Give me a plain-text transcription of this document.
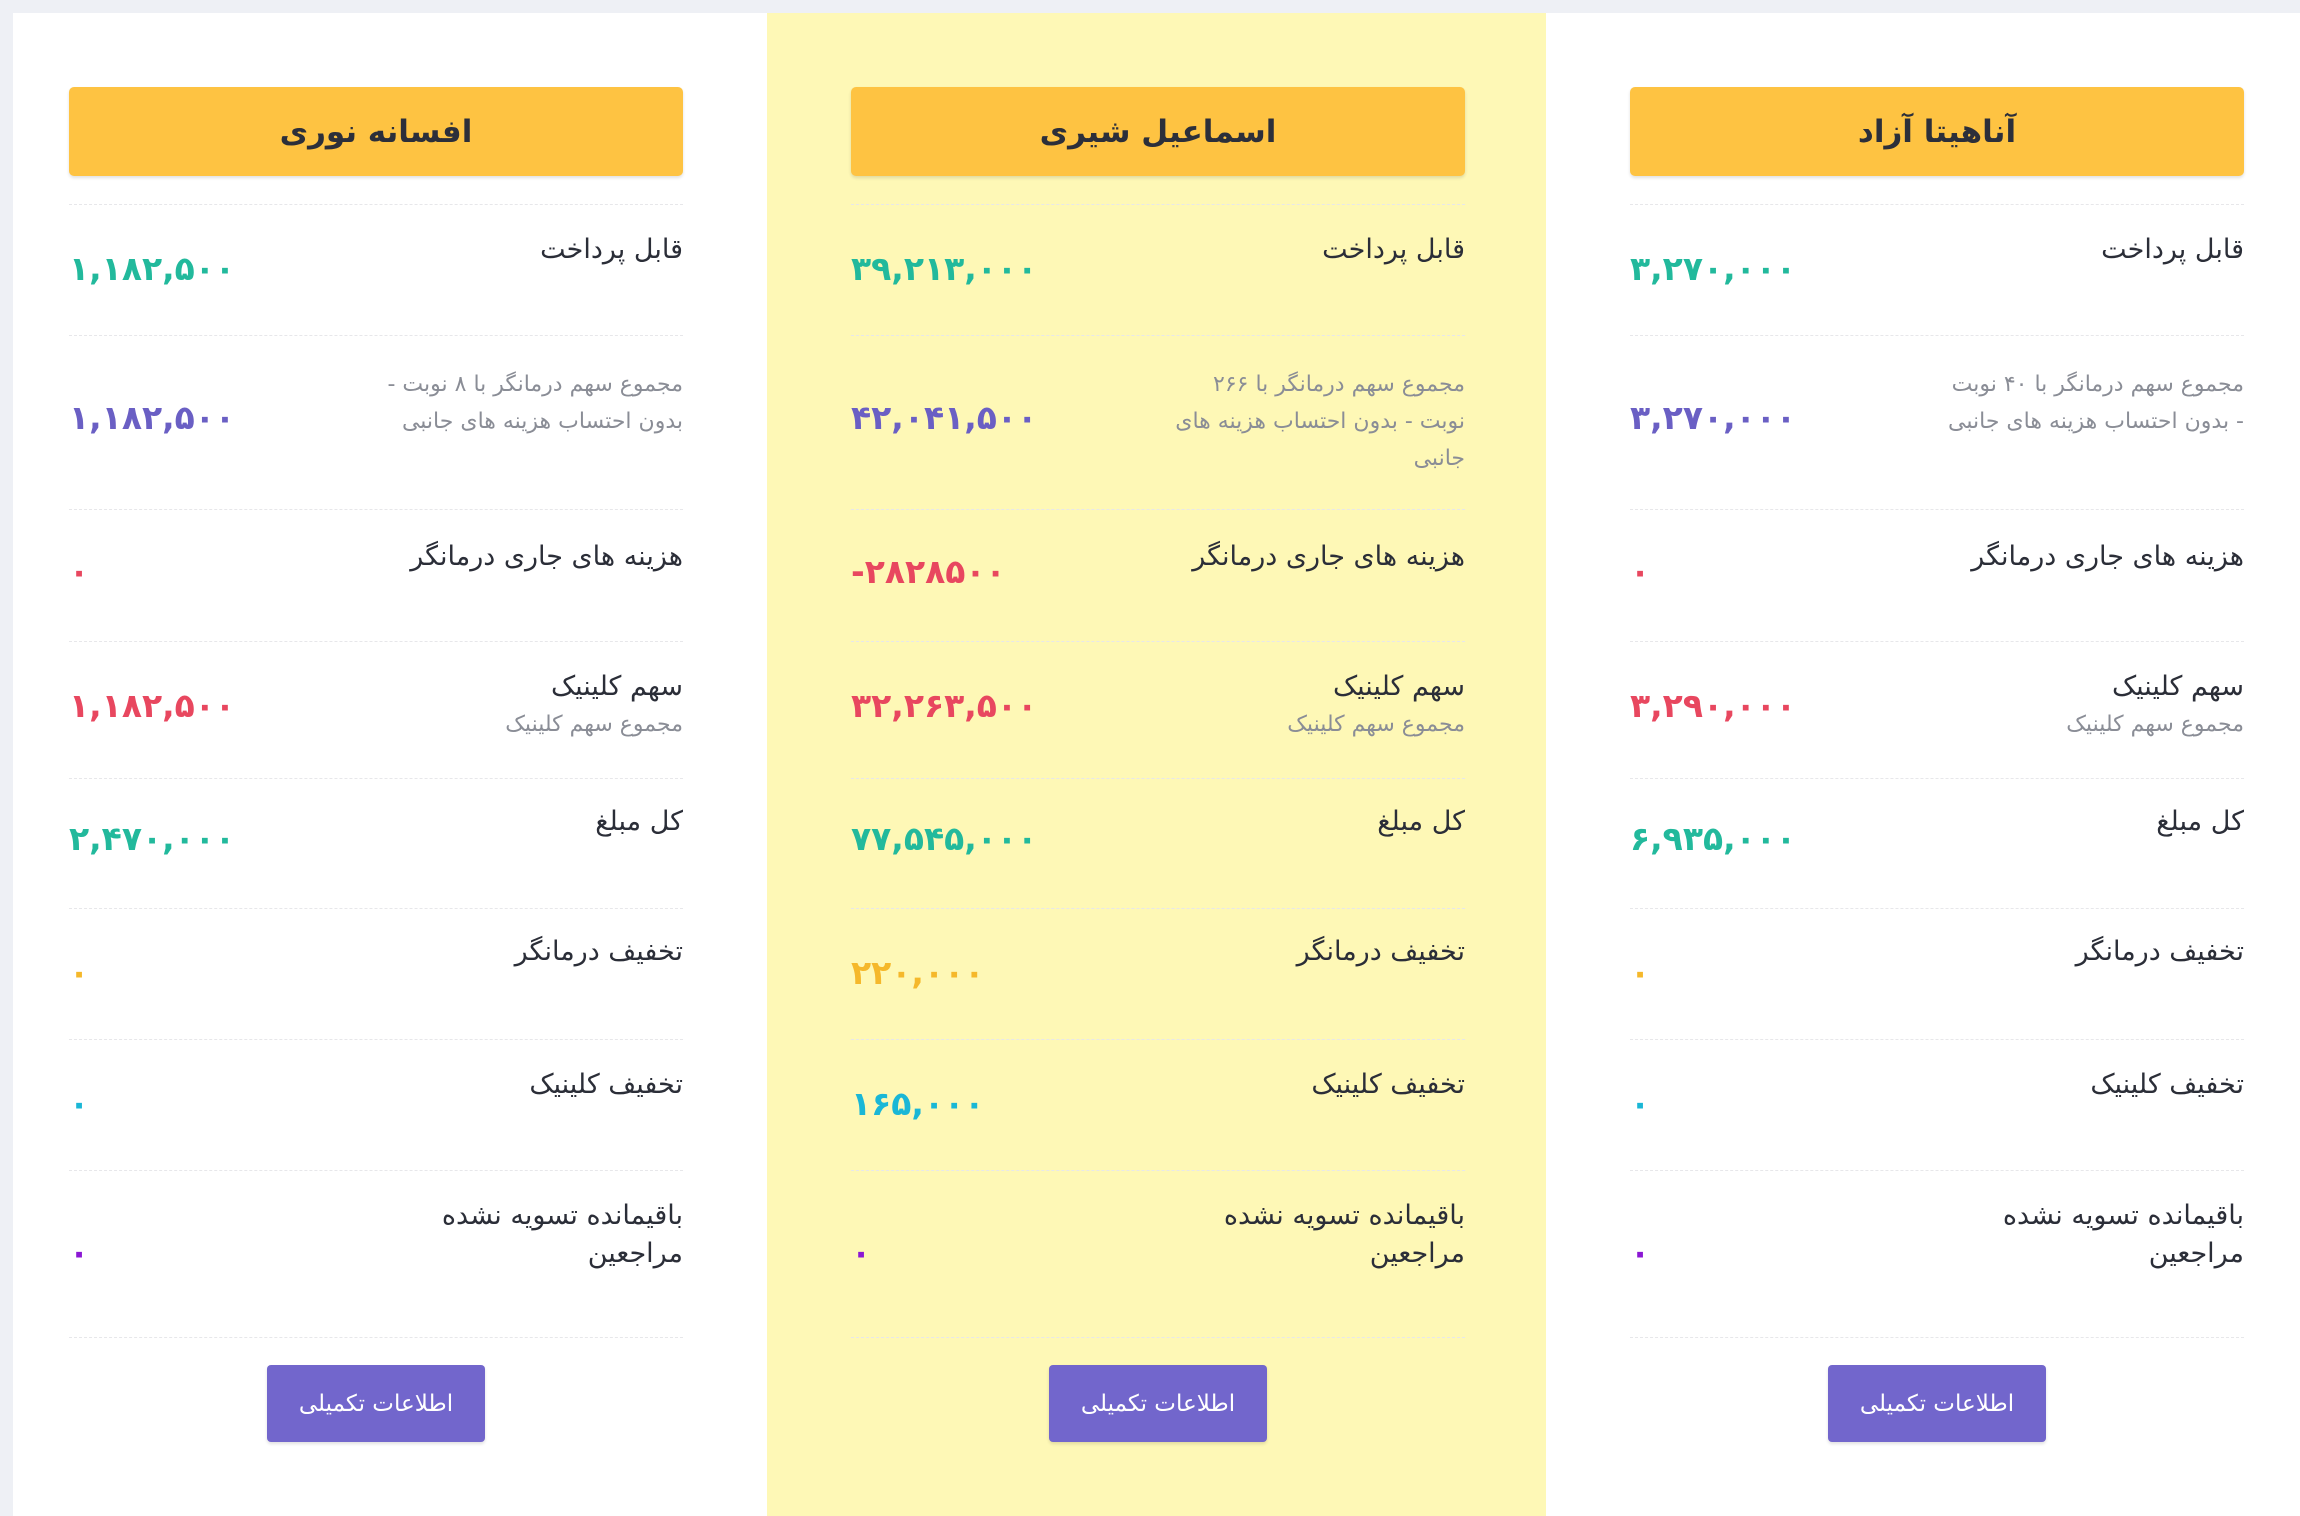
آناهیتا آزاد
قابل پرداخت
۳,۲۷۰,۰۰۰
مجموع سهم درمانگر با ۴۰ نوبت - بدون احتساب هزینه های جانبی
۳,۲۷۰,۰۰۰
هزینه های جاری درمانگر
۰
سهم کلینیک
مجموع سهم کلینیک
۳,۲۹۰,۰۰۰
کل مبلغ
۶,۹۳۵,۰۰۰
تخفیف درمانگر
۰
تخفیف کلینیک
۰
باقیمانده تسویه نشده مراجعین
۰
اطلاعات تکمیلی
اسماعیل شیری
قابل پرداخت
۳۹,۲۱۳,۰۰۰
مجموع سهم درمانگر با ۲۶۶ نوبت - بدون احتساب هزینه های جانبی
۴۲,۰۴۱,۵۰۰
هزینه های جاری درمانگر
-۲۸۲۸۵۰۰
سهم کلینیک
مجموع سهم کلینیک
۳۲,۲۶۳,۵۰۰
کل مبلغ
۷۷,۵۴۵,۰۰۰
تخفیف درمانگر
۲۲۰,۰۰۰
تخفیف کلینیک
۱۶۵,۰۰۰
باقیمانده تسویه نشده مراجعین
۰
اطلاعات تکمیلی
افسانه نوری
قابل پرداخت
۱,۱۸۲,۵۰۰
مجموع سهم درمانگر با ۸ نوبت - بدون احتساب هزینه های جانبی
۱,۱۸۲,۵۰۰
هزینه های جاری درمانگر
۰
سهم کلینیک
مجموع سهم کلینیک
۱,۱۸۲,۵۰۰
کل مبلغ
۲,۴۷۰,۰۰۰
تخفیف درمانگر
۰
تخفیف کلینیک
۰
باقیمانده تسویه نشده مراجعین
۰
اطلاعات تکمیلی
